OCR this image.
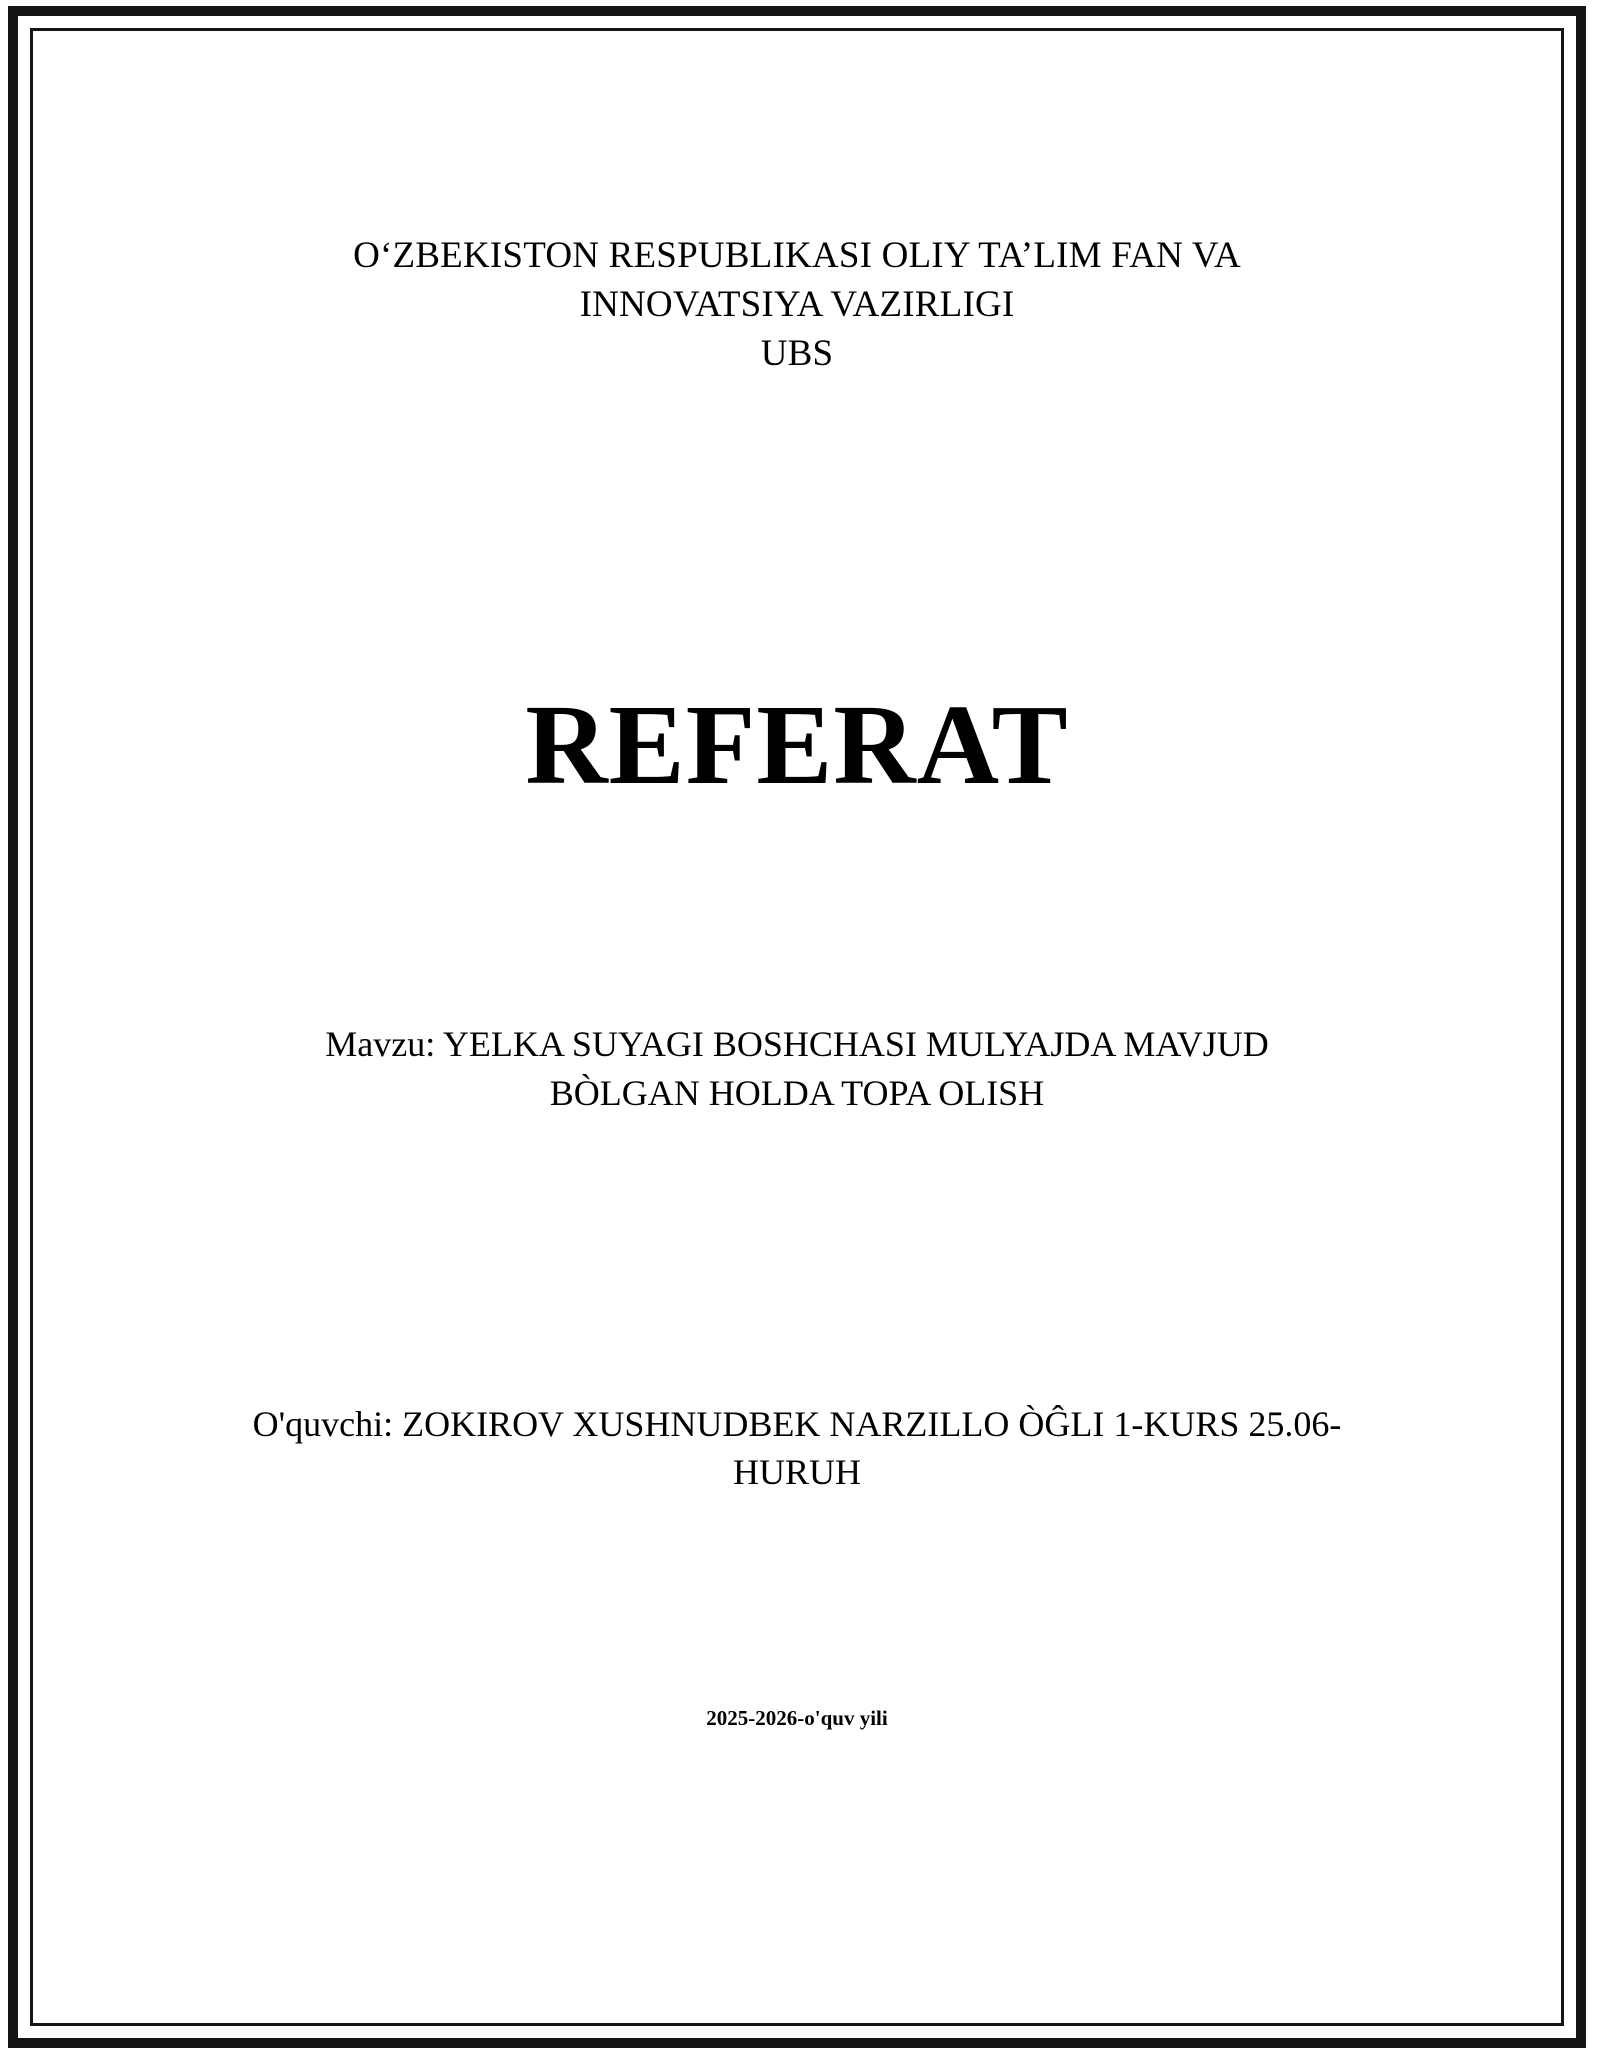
O‘ZBEKISTON RESPUBLIKASI OLIY TA’LIM FAN VA
INNOVATSIYA VAZIRLIGI
UBS
REFERAT
Mavzu: YELKA SUYAGI BOSHCHASI MULYAJDA MAVJUD
BÒLGAN HOLDA TOPA OLISH
O'quvchi: ZOKIROV XUSHNUDBEK NARZILLO ÒĜLI 1-KURS 25.06-
HURUH
2025-2026-o'quv yili
